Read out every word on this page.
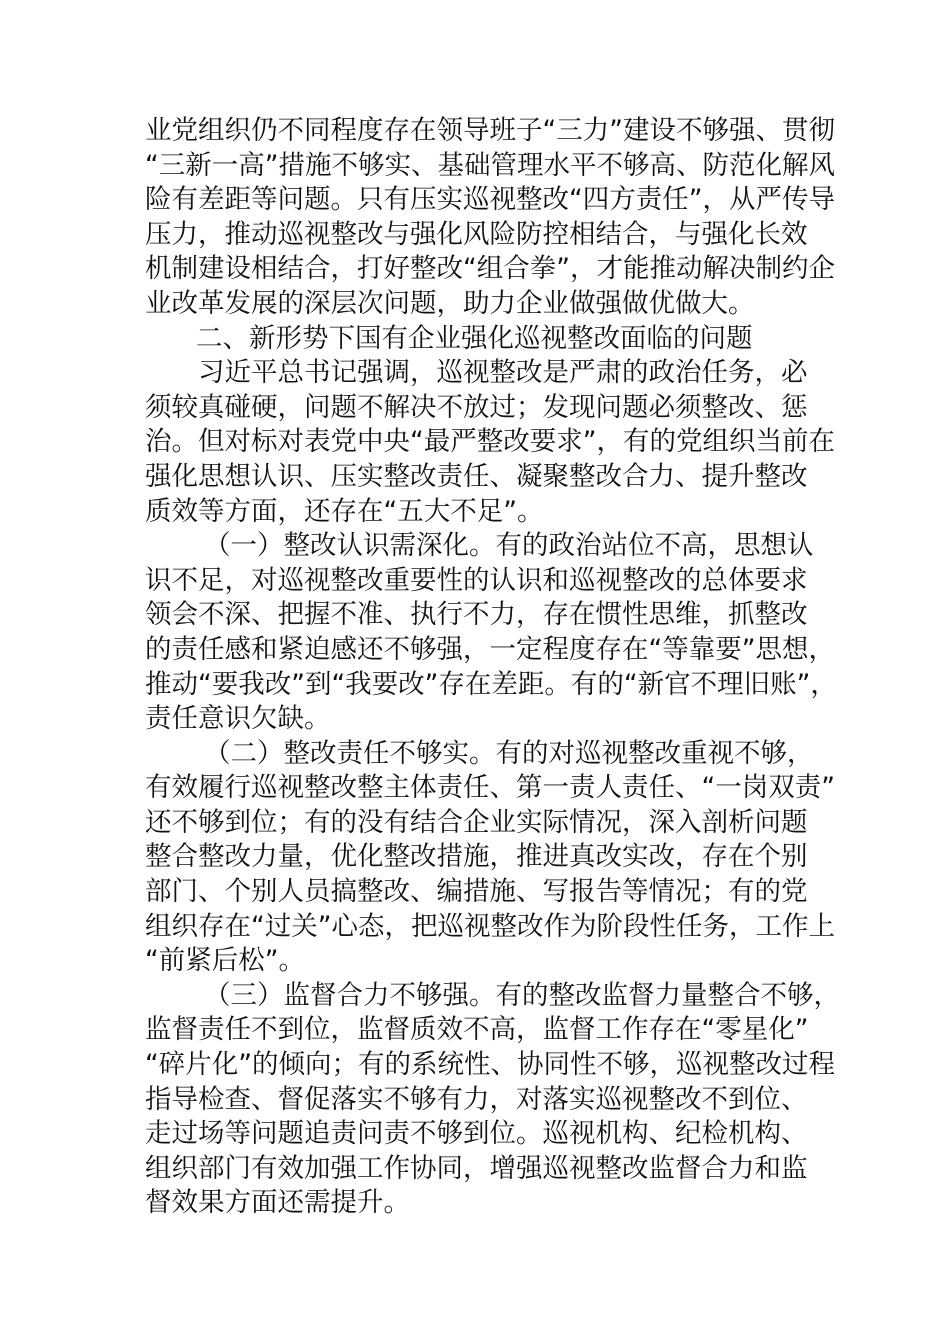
业党组织仍不同程度存在领导班子“三力”建设不够强、贯彻
“三新一高”措施不够实、基础管理水平不够高、防范化解风
险有差距等问题。只有压实巡视整改“四方责任”，从严传导
压力，推动巡视整改与强化风险防控相结合，与强化长效
机制建设相结合，打好整改“组合拳”，才能推动解决制约企
业改革发展的深层次问题，助力企业做强做优做大。
二、新形势下国有企业强化巡视整改面临的问题
习近平总书记强调，巡视整改是严肃的政治任务，必
须较真碰硬，问题不解决不放过；发现问题必须整改、惩
治。但对标对表党中央“最严整改要求”，有的党组织当前在
强化思想认识、压实整改责任、凝聚整改合力、提升整改
质效等方面，还存在“五大不足”。
（一）整改认识需深化。有的政治站位不高，思想认
识不足，对巡视整改重要性的认识和巡视整改的总体要求
领会不深、把握不准、执行不力，存在惯性思维，抓整改
的责任感和紧迫感还不够强，一定程度存在“等靠要”思想，
推动“要我改”到“我要改”存在差距。有的“新官不理旧账”，
责任意识欠缺。
（二）整改责任不够实。有的对巡视整改重视不够，
有效履行巡视整改整主体责任、第一责人责任、“一岗双责”
还不够到位；有的没有结合企业实际情况，深入剖析问题
整合整改力量，优化整改措施，推进真改实改，存在个别
部门、个别人员搞整改、编措施、写报告等情况；有的党
组织存在“过关”心态，把巡视整改作为阶段性任务，工作上
“前紧后松”。
（三）监督合力不够强。有的整改监督力量整合不够，
监督责任不到位，监督质效不高，监督工作存在“零星化”
“碎片化”的倾向；有的系统性、协同性不够，巡视整改过程
指导检查、督促落实不够有力，对落实巡视整改不到位、
走过场等问题追责问责不够到位。巡视机构、纪检机构、
组织部门有效加强工作协同，增强巡视整改监督合力和监
督效果方面还需提升。
